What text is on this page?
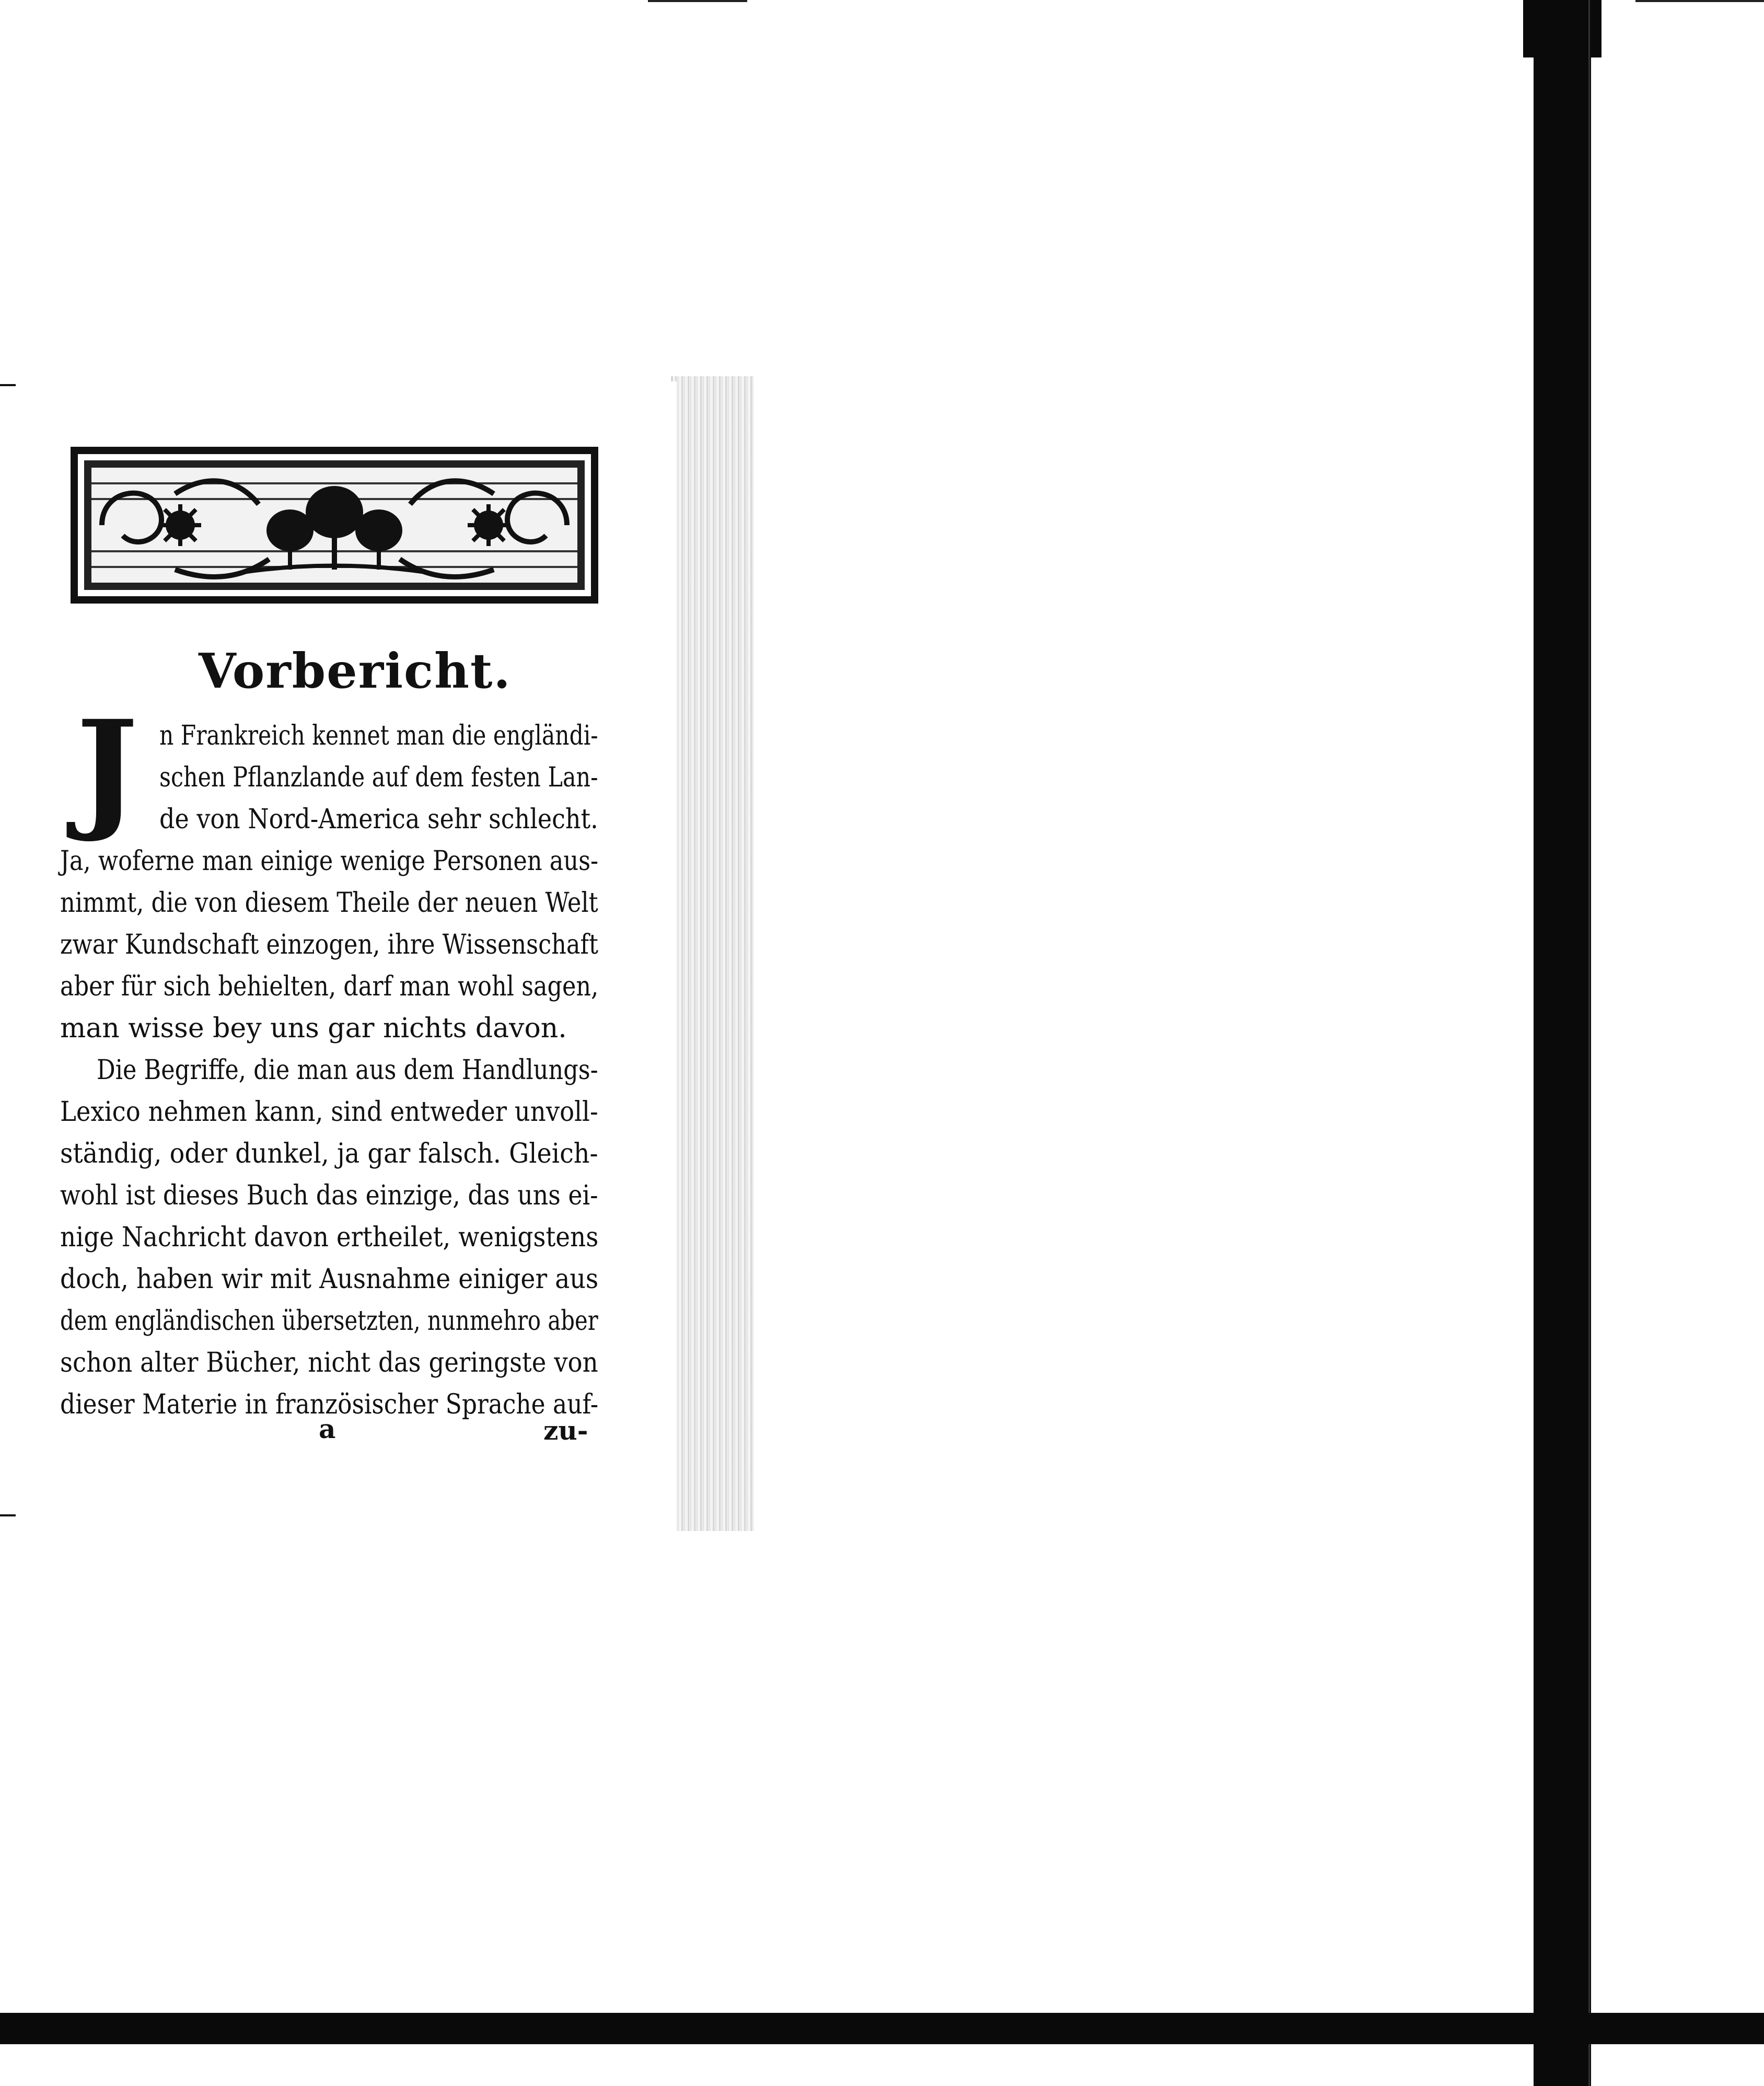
Vorbericht.
J n Frankreich kennet man die engländi-
schen Pflanzlande auf dem festen Lan-
de von Nord-America sehr schlecht.
Ja, woferne man einige wenige Personen aus-
nimmt, die von diesem Theile der neuen Welt
zwar Kundschaft einzogen, ihre Wissenschaft
aber für sich behielten, darf man wohl sagen,
man wisse bey uns gar nichts davon.
Die Begriffe, die man aus dem Handlungs-
Lexico nehmen kann, sind entweder unvoll-
ständig, oder dunkel, ja gar falsch. Gleich-
wohl ist dieses Buch das einzige, das uns ei-
nige Nachricht davon ertheilet, wenigstens
doch, haben wir mit Ausnahme einiger aus
dem engländischen übersetzten, nunmehro aber
schon alter Bücher, nicht das geringste von
dieser Materie in französischer Sprache auf-
a	zu-
